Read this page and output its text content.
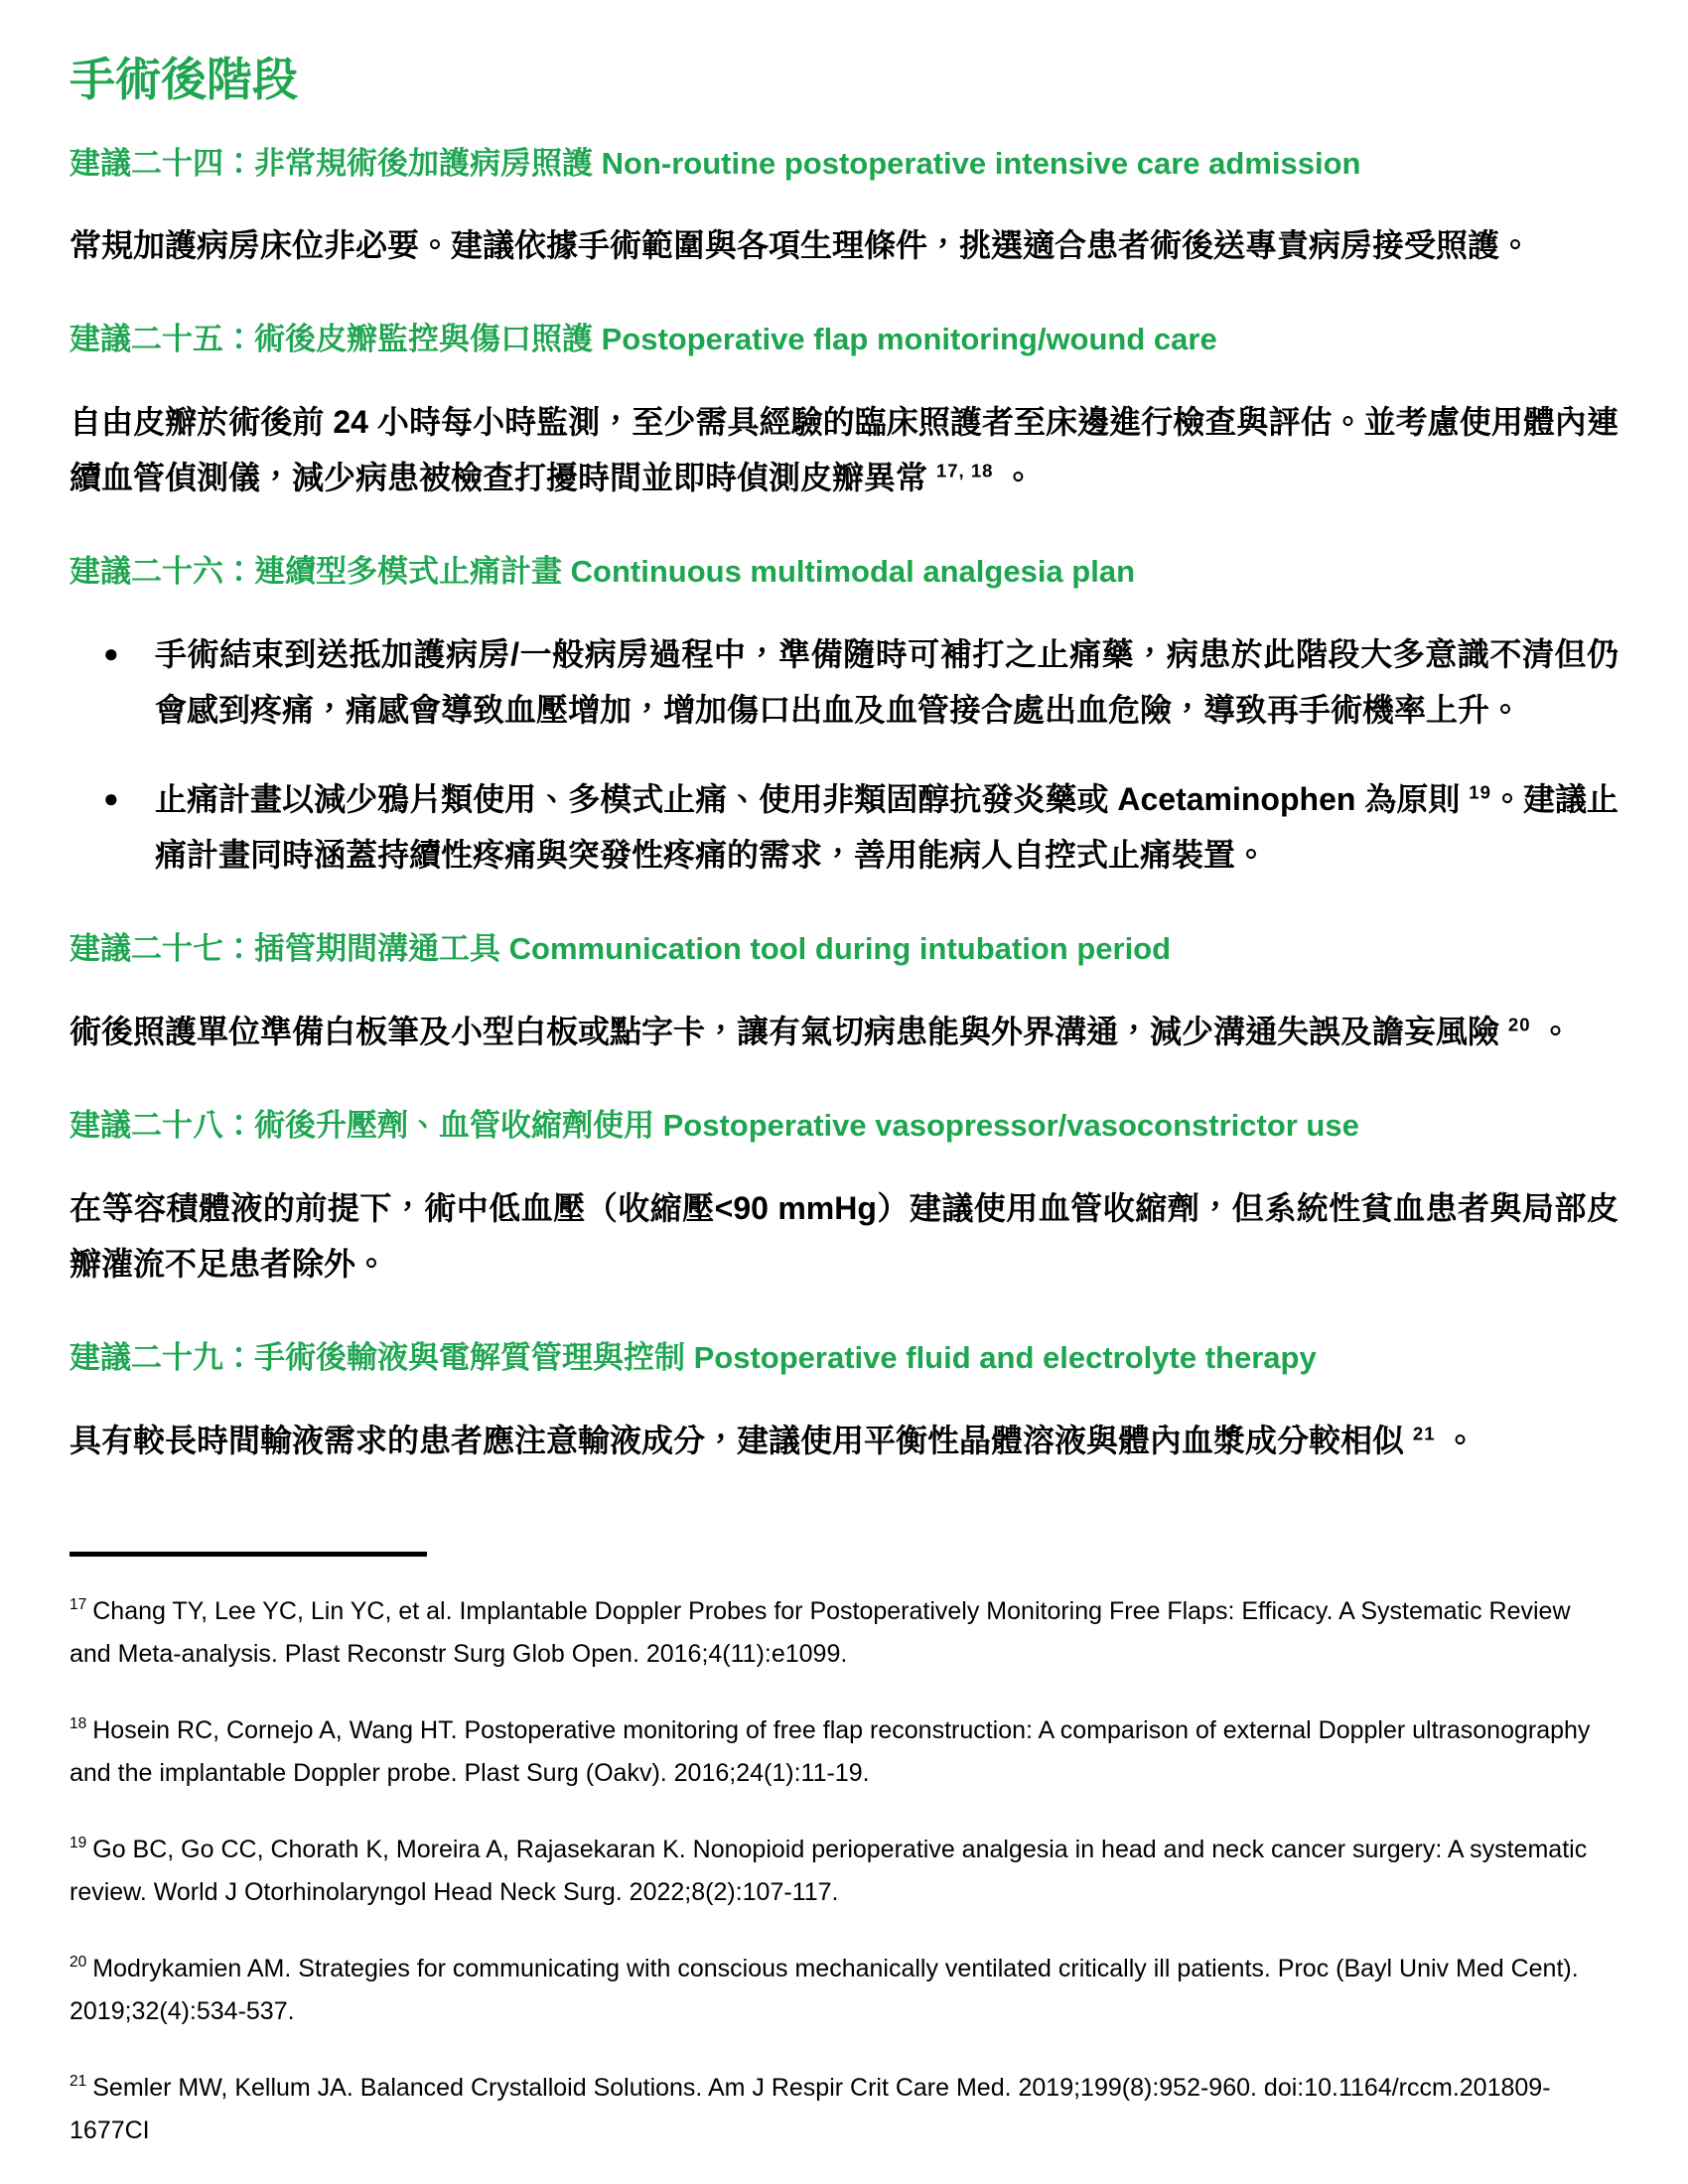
手術後階段
建議二十四：非常規術後加護病房照護 Non-routine postoperative intensive care admission

常規加護病房床位非必要。建議依據手術範圍與各項生理條件，挑選適合患者術後送專責病房接受照護。

建議二十五：術後皮瓣監控與傷口照護 Postoperative flap monitoring/wound care

自由皮瓣於術後前 24 小時每小時監測，至少需具經驗的臨床照護者至床邊進行檢查與評估。並考慮使用體內連續血管偵測儀，減少病患被檢查打擾時間並即時偵測皮瓣異常 $^{17, 18}$ 。

建議二十六：連續型多模式止痛計畫 Continuous multimodal analgesia plan
●	手術結束到送抵加護病房/一般病房過程中，準備隨時可補打之止痛藥，病患於此階段大多意識不清但仍會感到疼痛，痛感會導致血壓增加，增加傷口出血及血管接合處出血危險，導致再手術機率上升。
●	止痛計畫以減少鴉片類使用、多模式止痛、使用非類固醇抗發炎藥或 Acetaminophen 為原則 $^{19}$。建議止痛計畫同時涵蓋持續性疼痛與突發性疼痛的需求，善用能病人自控式止痛裝置。
建議二十七：插管期間溝通工具 Communication tool during intubation period

術後照護單位準備白板筆及小型白板或點字卡，讓有氣切病患能與外界溝通，減少溝通失誤及譫妄風險 $^{20}$ 。

建議二十八：術後升壓劑、血管收縮劑使用 Postoperative vasopressor/vasoconstrictor use

在等容積體液的前提下，術中低血壓（收縮壓<90 mmHg）建議使用血管收縮劑，但系統性貧血患者與局部皮瓣灌流不足患者除外。

建議二十九：手術後輸液與電解質管理與控制 Postoperative fluid and electrolyte therapy

具有較長時間輸液需求的患者應注意輸液成分，建議使用平衡性晶體溶液與體內血漿成分較相似 $^{21}$ 。

$^{17}$ Chang TY, Lee YC, Lin YC, et al. Implantable Doppler Probes for Postoperatively Monitoring Free Flaps: Efficacy. A Systematic Review and Meta-analysis. Plast Reconstr Surg Glob Open. 2016;4(11):e1099.
$^{18}$ Hosein RC, Cornejo A, Wang HT. Postoperative monitoring of free flap reconstruction: A comparison of external Doppler ultrasonography and the implantable Doppler probe. Plast Surg (Oakv). 2016;24(1):11-19.
$^{19}$ Go BC, Go CC, Chorath K, Moreira A, Rajasekaran K. Nonopioid perioperative analgesia in head and neck cancer surgery: A systematic review. World J Otorhinolaryngol Head Neck Surg. 2022;8(2):107-117.
$^{20}$ Modrykamien AM. Strategies for communicating with conscious mechanically ventilated critically ill patients. Proc (Bayl Univ Med Cent). 2019;32(4):534-537.
$^{21}$ Semler MW, Kellum JA. Balanced Crystalloid Solutions. Am J Respir Crit Care Med. 2019;199(8):952-960. doi:10.1164/rccm.201809-1677CI
